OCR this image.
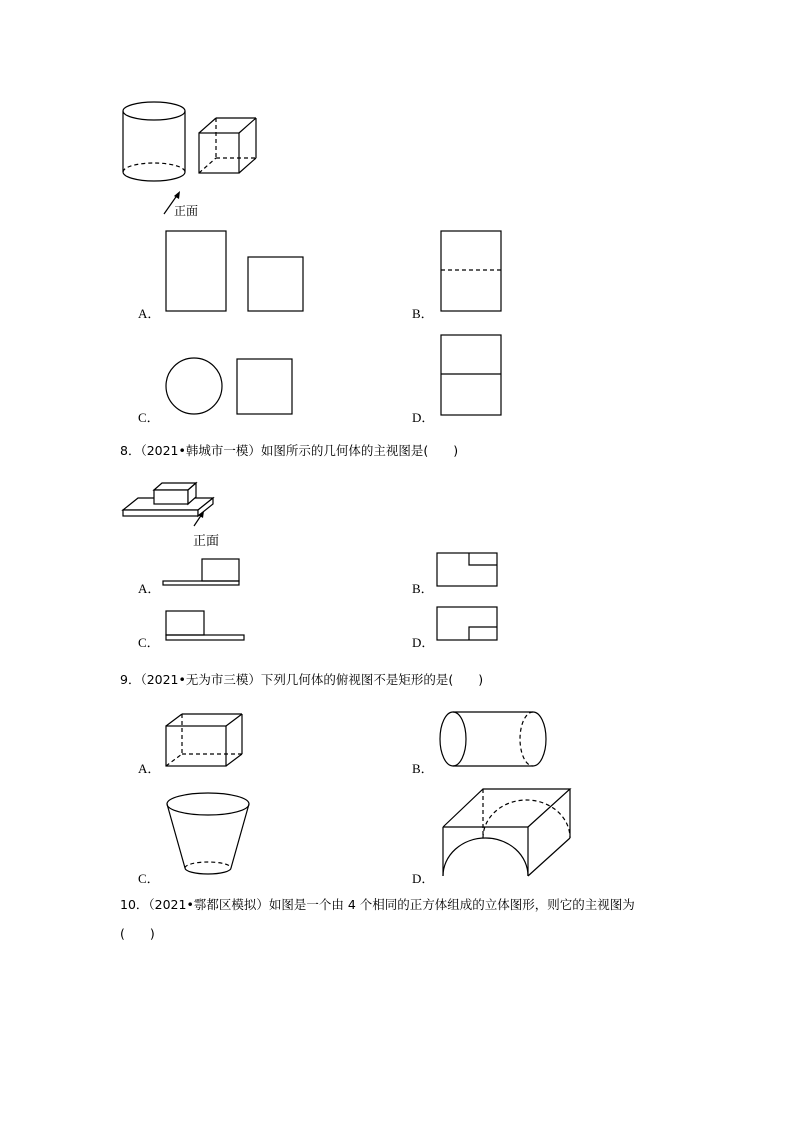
正面
A．	B．
C．	D．
8．（2021•韩城市一模）如图所示的几何体的主视图是(　　)
正面
A．	B．
C．	D．
9．（2021•无为市三模）下列几何体的俯视图不是矩形的是(　　)
A．	B．
C．	D．
10．（2021•鄠都区模拟）如图是一个由 4 个相同的正方体组成的立体图形，则它的主视图为
(　　)
